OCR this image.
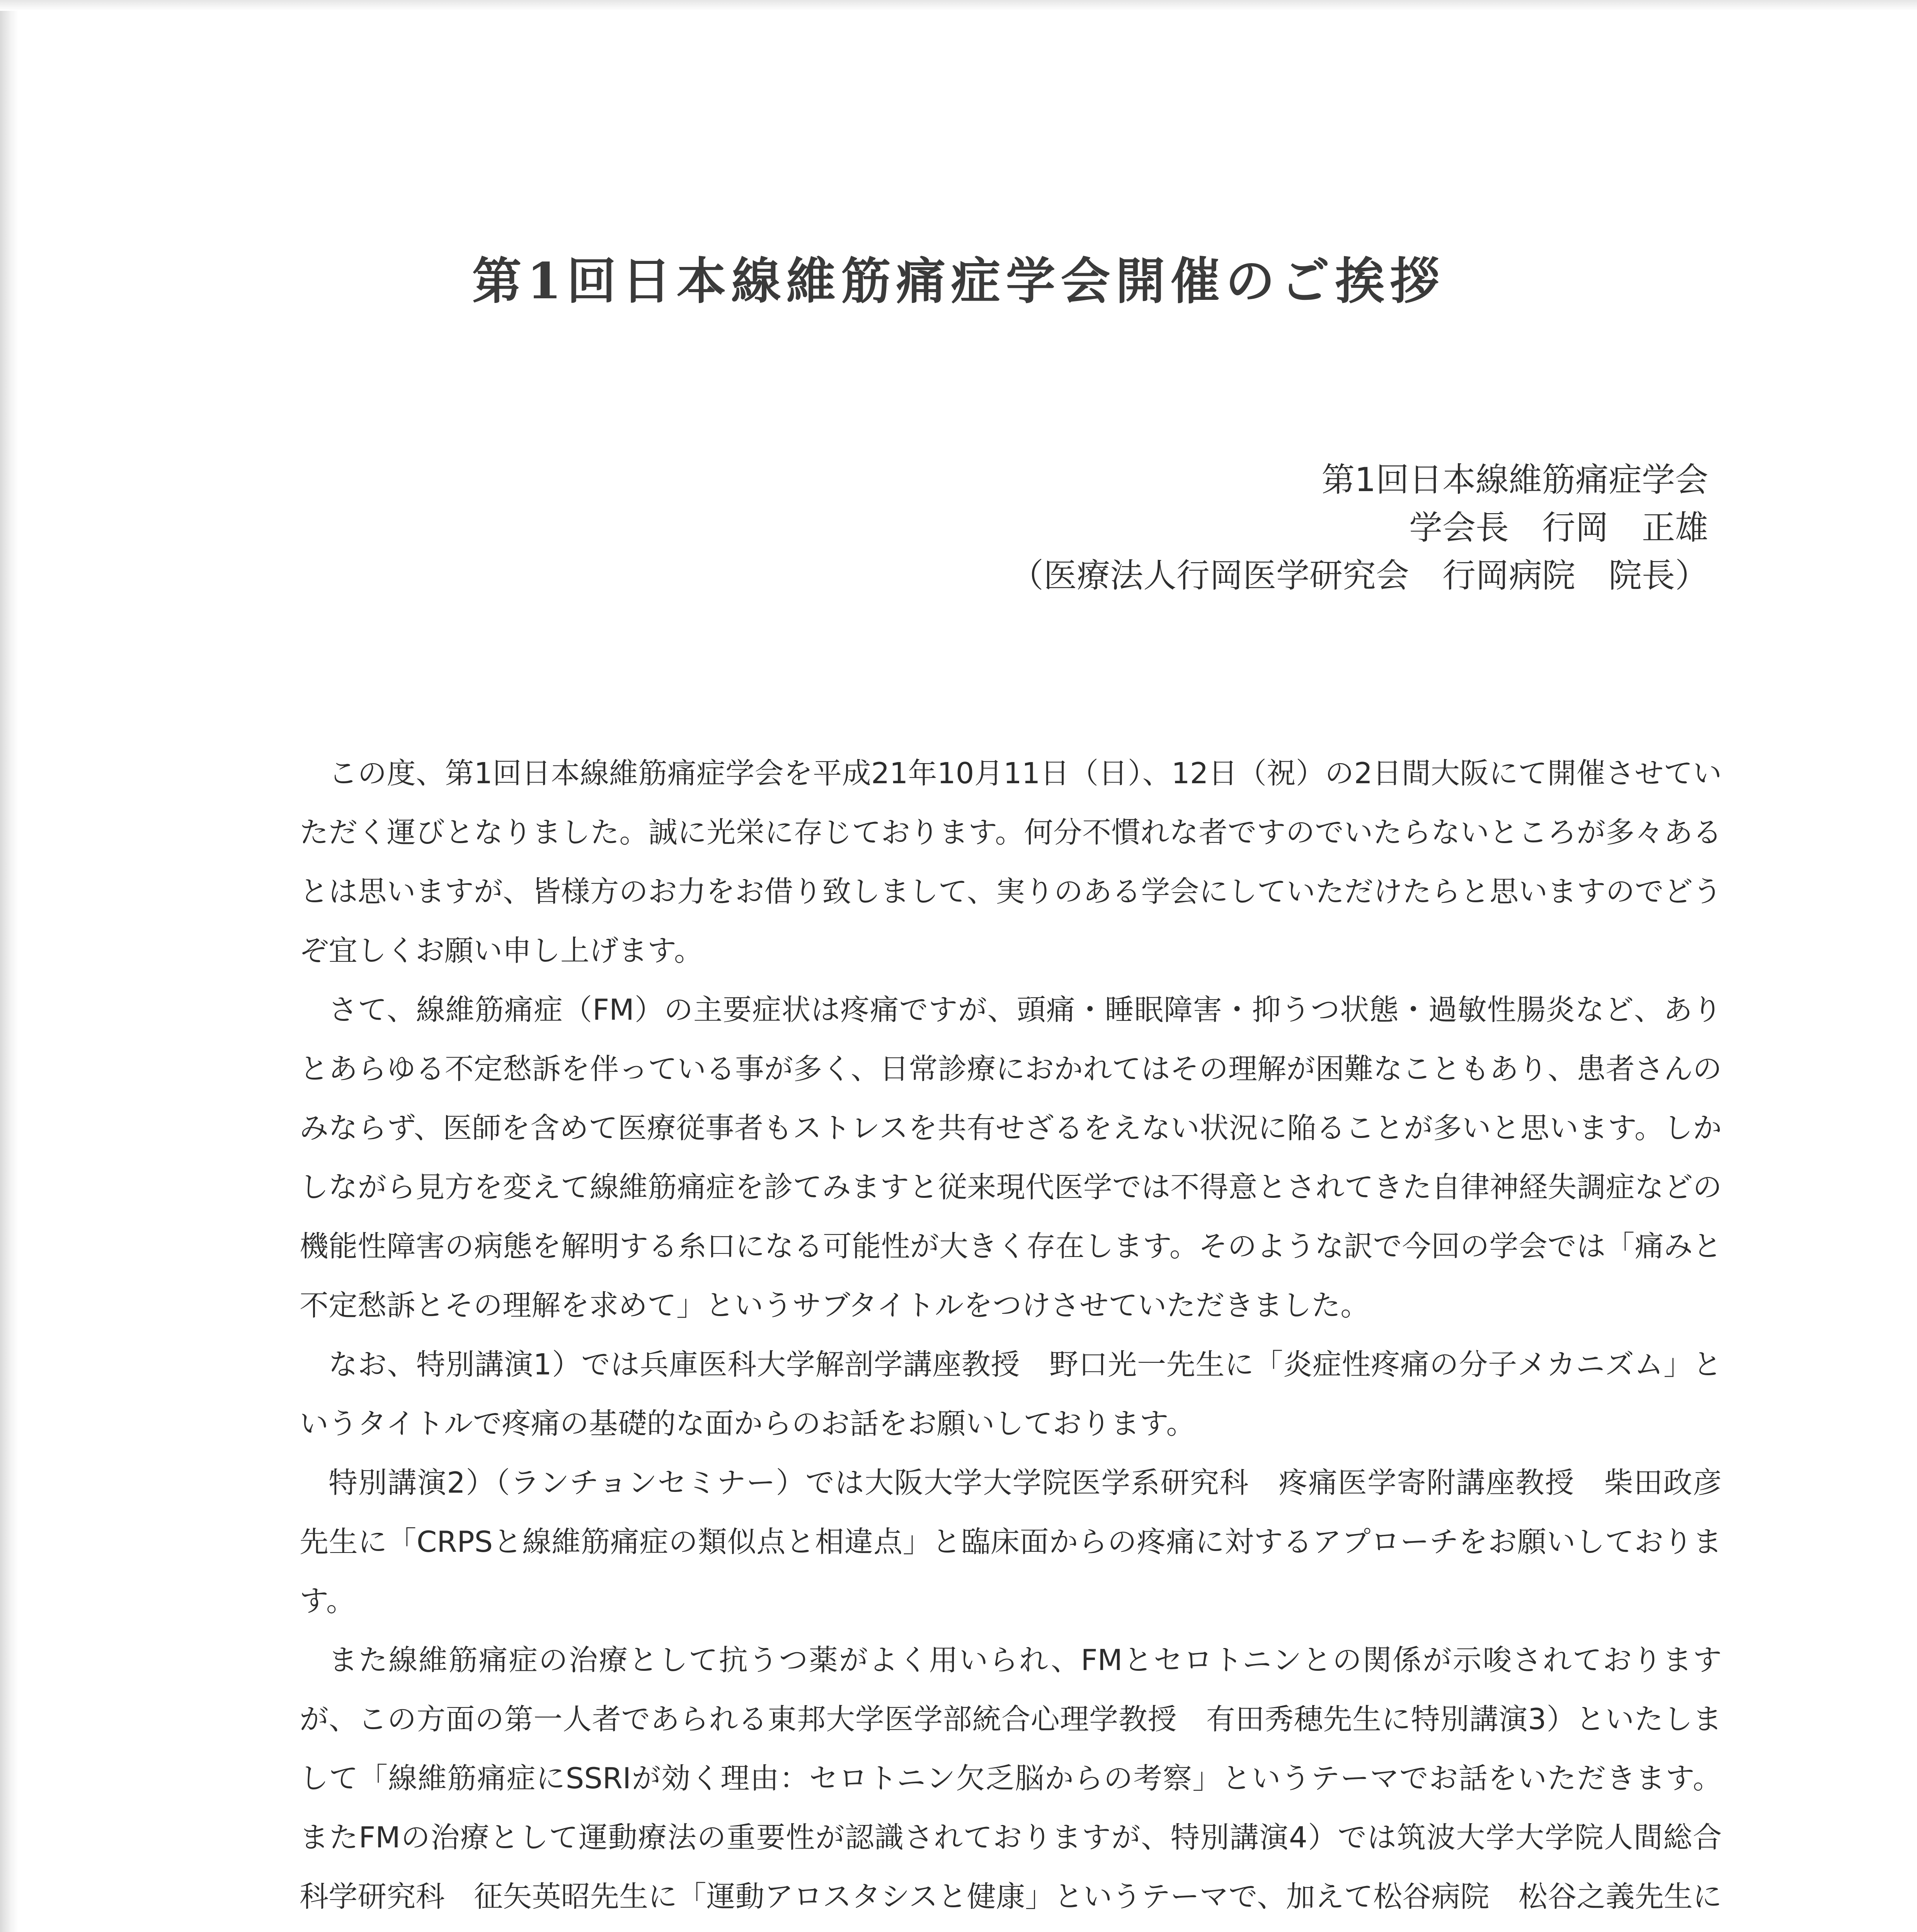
第1回日本線維筋痛症学会開催のご挨拶
第1回日本線維筋痛症学会
学会長　行岡　正雄
（医療法人行岡医学研究会　行岡病院　院長）

この度、第1回日本線維筋痛症学会を平成21年10月11日（日）、12日（祝）の2日間大阪にて開催させていただく運びとなりました。誠に光栄に存じております。何分不慣れな者ですのでいたらないところが多々あるとは思いますが、皆様方のお力をお借り致しまして、実りのある学会にしていただけたらと思いますのでどうぞ宜しくお願い申し上げます。

さて、線維筋痛症（FM）の主要症状は疼痛ですが、頭痛・睡眠障害・抑うつ状態・過敏性腸炎など、ありとあらゆる不定愁訴を伴っている事が多く、日常診療におかれてはその理解が困難なこともあり、患者さんのみならず、医師を含めて医療従事者もストレスを共有せざるをえない状況に陥ることが多いと思います。しかしながら見方を変えて線維筋痛症を診てみますと従来現代医学では不得意とされてきた自律神経失調症などの機能性障害の病態を解明する糸口になる可能性が大きく存在します。そのような訳で今回の学会では「痛みと不定愁訴とその理解を求めて」というサブタイトルをつけさせていただきました。

なお、特別講演1）では兵庫医科大学解剖学講座教授　野口光一先生に「炎症性疼痛の分子メカニズム」というタイトルで疼痛の基礎的な面からのお話をお願いしております。

特別講演2）（ランチョンセミナー）では大阪大学大学院医学系研究科　疼痛医学寄附講座教授　柴田政彦先生に「CRPSと線維筋痛症の類似点と相違点」と臨床面からの疼痛に対するアプローチをお願いしております。

また線維筋痛症の治療として抗うつ薬がよく用いられ、FMとセロトニンとの関係が示唆されておりますが、この方面の第一人者であられる東邦大学医学部統合心理学教授　有田秀穂先生に特別講演3）といたしまして「線維筋痛症にSSRIが効く理由：セロトニン欠乏脳からの考察」というテーマでお話をいただきます。またFMの治療として運動療法の重要性が認識されておりますが、特別講演4）では筑波大学大学院人間総合科学研究科　征矢英昭先生に「運動アロスタシスと健康」というテーマで、加えて松谷病院　松谷之義先生に
